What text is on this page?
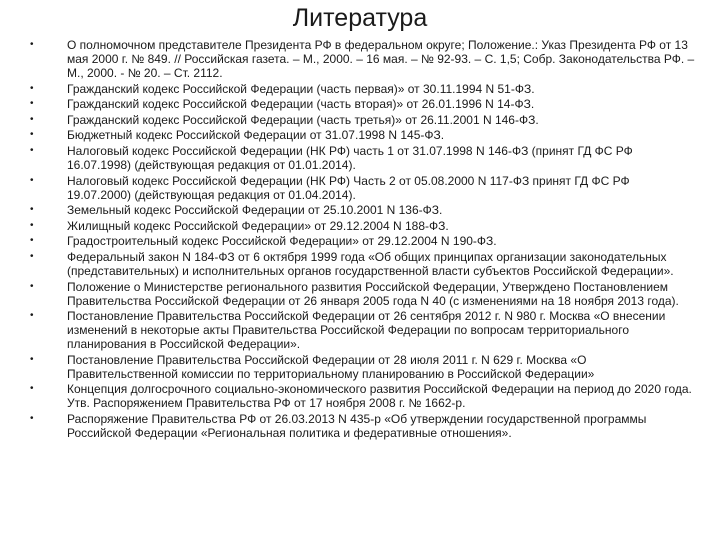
Литература
•	О полномочном представителе Президента РФ в федеральном округе; Положение.: Указ Президента РФ от 13 мая 2000 г. № 849. // Российская газета. – М., 2000. – 16 мая. – № 92-93. – С. 1,5; Собр. Законодательства РФ. – М., 2000. - № 20. – Ст. 2112.
•	Гражданский кодекс Российской Федерации (часть первая)» от 30.11.1994 N 51-ФЗ.
•	Гражданский кодекс Российской Федерации (часть вторая)» от 26.01.1996 N 14-ФЗ.
•	Гражданский кодекс Российской Федерации (часть третья)» от 26.11.2001 N 146-ФЗ.
•	Бюджетный кодекс Российской Федерации от 31.07.1998 N 145-ФЗ.
•	Налоговый кодекс Российской Федерации (НК РФ) часть 1 от 31.07.1998 N 146-ФЗ (принят ГД ФС РФ 16.07.1998) (действующая редакция от 01.01.2014).
•	Налоговый кодекс Российской Федерации (НК РФ) Часть 2 от 05.08.2000 N 117-ФЗ принят ГД ФС РФ 19.07.2000) (действующая редакция от 01.04.2014).
•	Земельный кодекс Российской Федерации от 25.10.2001 N 136-ФЗ.
•	Жилищный кодекс Российской Федерации» от 29.12.2004 N 188-ФЗ.
•	Градостроительный кодекс Российской Федерации» от 29.12.2004 N 190-ФЗ.
•	Федеральный закон N 184-ФЗ от 6 октября 1999 года «Об общих принципах организации законодательных (представительных) и исполнительных органов государственной власти субъектов Российской Федерации».
•	Положение о Министерстве регионального развития Российской Федерации, Утверждено Постановлением Правительства Российской Федерации от 26 января 2005 года N 40 (с изменениями на 18 ноября 2013 года).
•	Постановление Правительства Российской Федерации от 26 сентября 2012 г. N 980 г. Москва «О внесении изменений в некоторые акты Правительства Российской Федерации по вопросам территориального планирования в Российской Федерации».
•	Постановление Правительства Российской Федерации от 28 июля 2011 г. N 629 г. Москва «О Правительственной комиссии по территориальному планированию в Российской Федерации»
•	Концепция долгосрочного социально-экономического развития Российской Федерации на период до 2020 года. Утв. Распоряжением Правительства РФ от 17 ноября 2008 г. № 1662-р.
•	Распоряжение Правительства РФ от 26.03.2013 N 435-р «Об утверждении государственной программы Российской Федерации «Региональная политика и федеративные отношения».
